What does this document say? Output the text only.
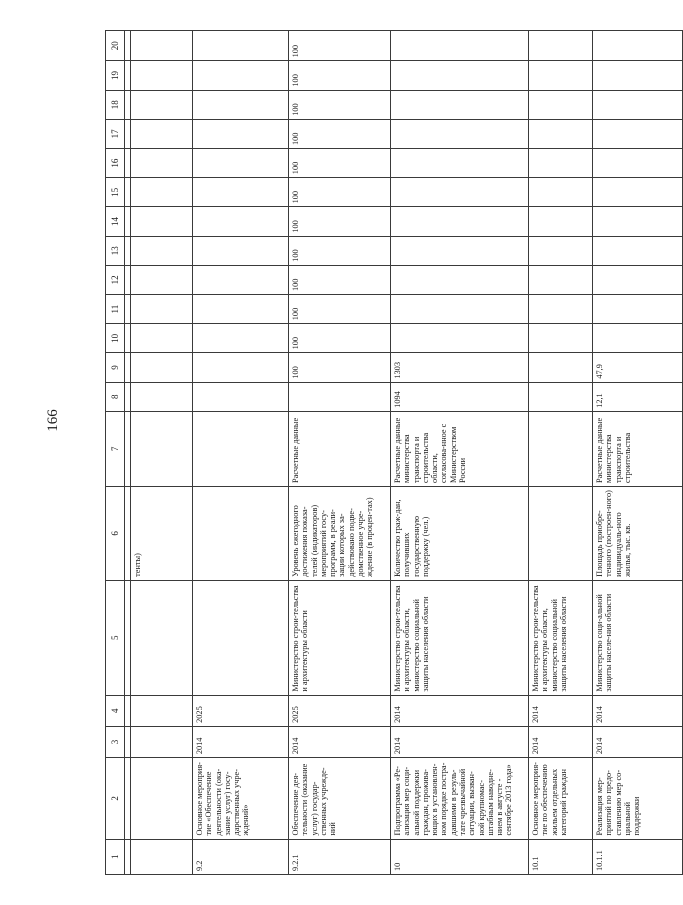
166
1	2	3	4	5	6	7	8	9	10	11	12	13	14	15	16	17	18	19	20

					тенты)														
9.2	Основное мероприя-тие «Обеспечение деятельности (ока-зание услуг) госу-дарственных учре-ждений»	2014	2025																
9.2.1	Обеспечение дея-тельности (оказание услуг) государ-ственных учрежде-ний	2014	2025	Министерство строи-тельства и архитектуры области	Уровень ежегодного достижения показа-телей (индикаторов) мероприятий госу-программ, в реали-зации которых за-действовано подве-домственное учре-ждение (в процен-тах)	Расчетные данные		100	100	100	100	100	100	100	100	100	100	100	100
10	Подпрограмма «Ре-ализация мер соци-альной поддержки граждан, прожива-ющих в установлен-ном порядке постра-давшими в резуль-тате чрезвычайной ситуации, вызван-ной крупномас-штабным наводне-нием в августе - сентябре 2013 года»	2014	2014	Министерство строи-тельства и архитектуры области, министерство социальной защиты населения области	Количество граж-дан, получивших государственную поддержку (чел.)	Расчетные данные министерства транспорта и строительства области, согласова-нное с Министерством России	1094	1303											
10.1	Основное мероприя-тие по обеспечению жильем отдельных категорий граждан	2014	2014	Министерство строи-тельства и архитектуры области, министерство социальной защиты населения области															
10.1.1	Реализация мер-приятий по предо-ставлению мер со-циальной поддержки	2014	2014	Министерство соци-альной защиты населе-ния области	Площадь приобре-тенного (построен-ного) индивидуаль-ного жилья, тыс. кв.	Расчетные данные министерства транспорта и строительства	12,1	47,9											
